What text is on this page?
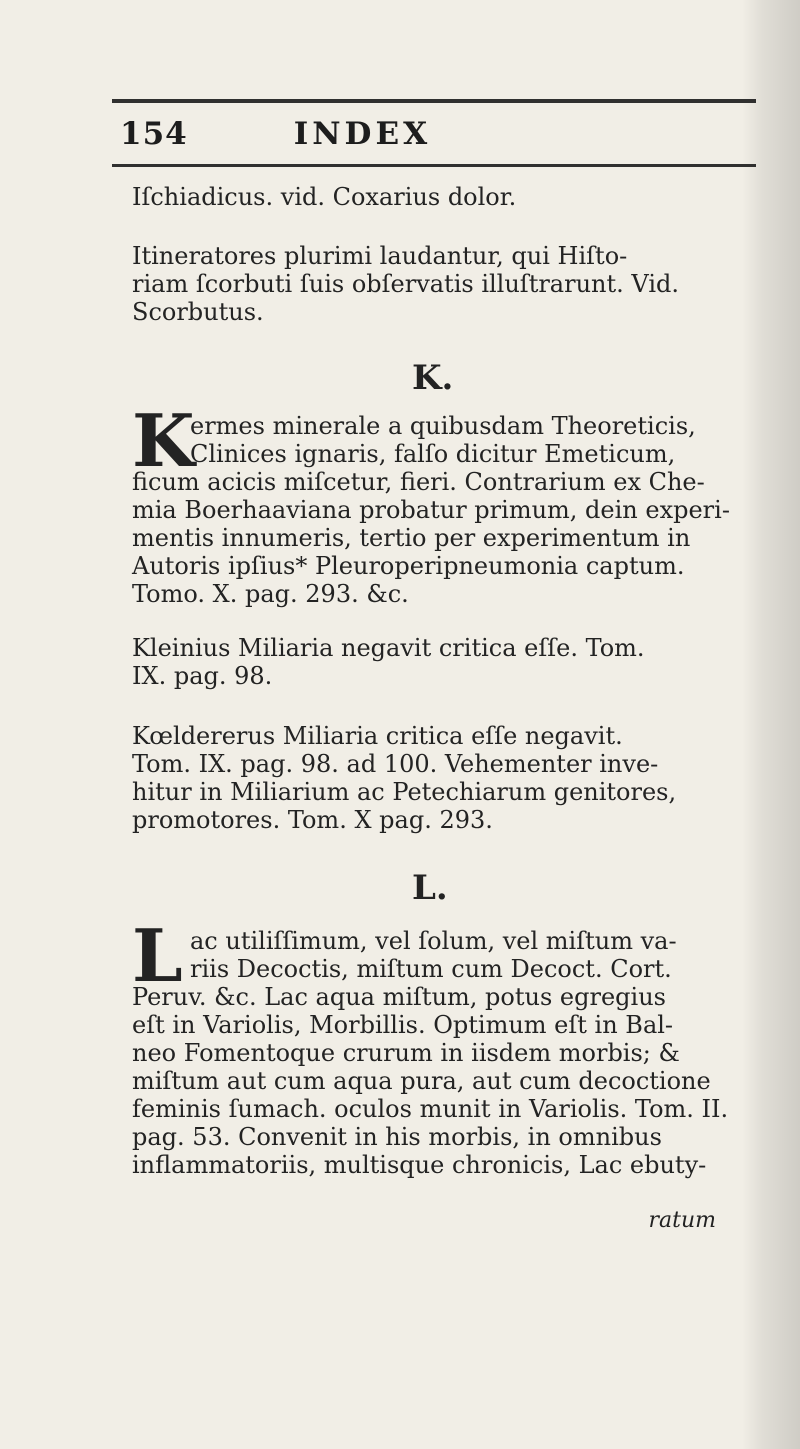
154	INDEX
Iſchiadicus. vid. Coxarius dolor.
Itineratores plurimi laudantur, qui Hiſto-
riam ſcorbuti ſuis obſervatis illuſtrarunt. Vid.
Scorbutus.
K.
K
ermes minerale a quibusdam Theoreticis,
Clinices ignaris, falſo dicitur Emeticum,
ficum acicis miſcetur, fieri. Contrarium ex Che-
mia Boerhaaviana probatur primum, dein experi-
mentis innumeris, tertio per experimentum in
Autoris ipſius* Pleuroperipneumonia captum.
Tomo. X. pag. 293. &c.
Kleinius Miliaria negavit critica eſſe. Tom.
IX. pag. 98.
Kœldererus Miliaria critica eſſe negavit.
Tom. IX. pag. 98. ad 100. Vehementer inve-
hitur in Miliarium ac Petechiarum genitores,
promotores. Tom. X pag. 293.
L.
L ac utiliſſimum, vel ſolum, vel miſtum va-
riis Decoctis, miſtum cum Decoct. Cort.
Peruv. &c. Lac aqua miſtum, potus egregius
eſt in Variolis, Morbillis. Optimum eſt in Bal-
neo Fomentoque crurum in iisdem morbis; &
miſtum aut cum aqua pura, aut cum decoctione
feminis ſumach. oculos munit in Variolis. Tom. II.
pag. 53. Convenit in his morbis, in omnibus
inflammatoriis, multisque chronicis, Lac ebuty-
ratum
